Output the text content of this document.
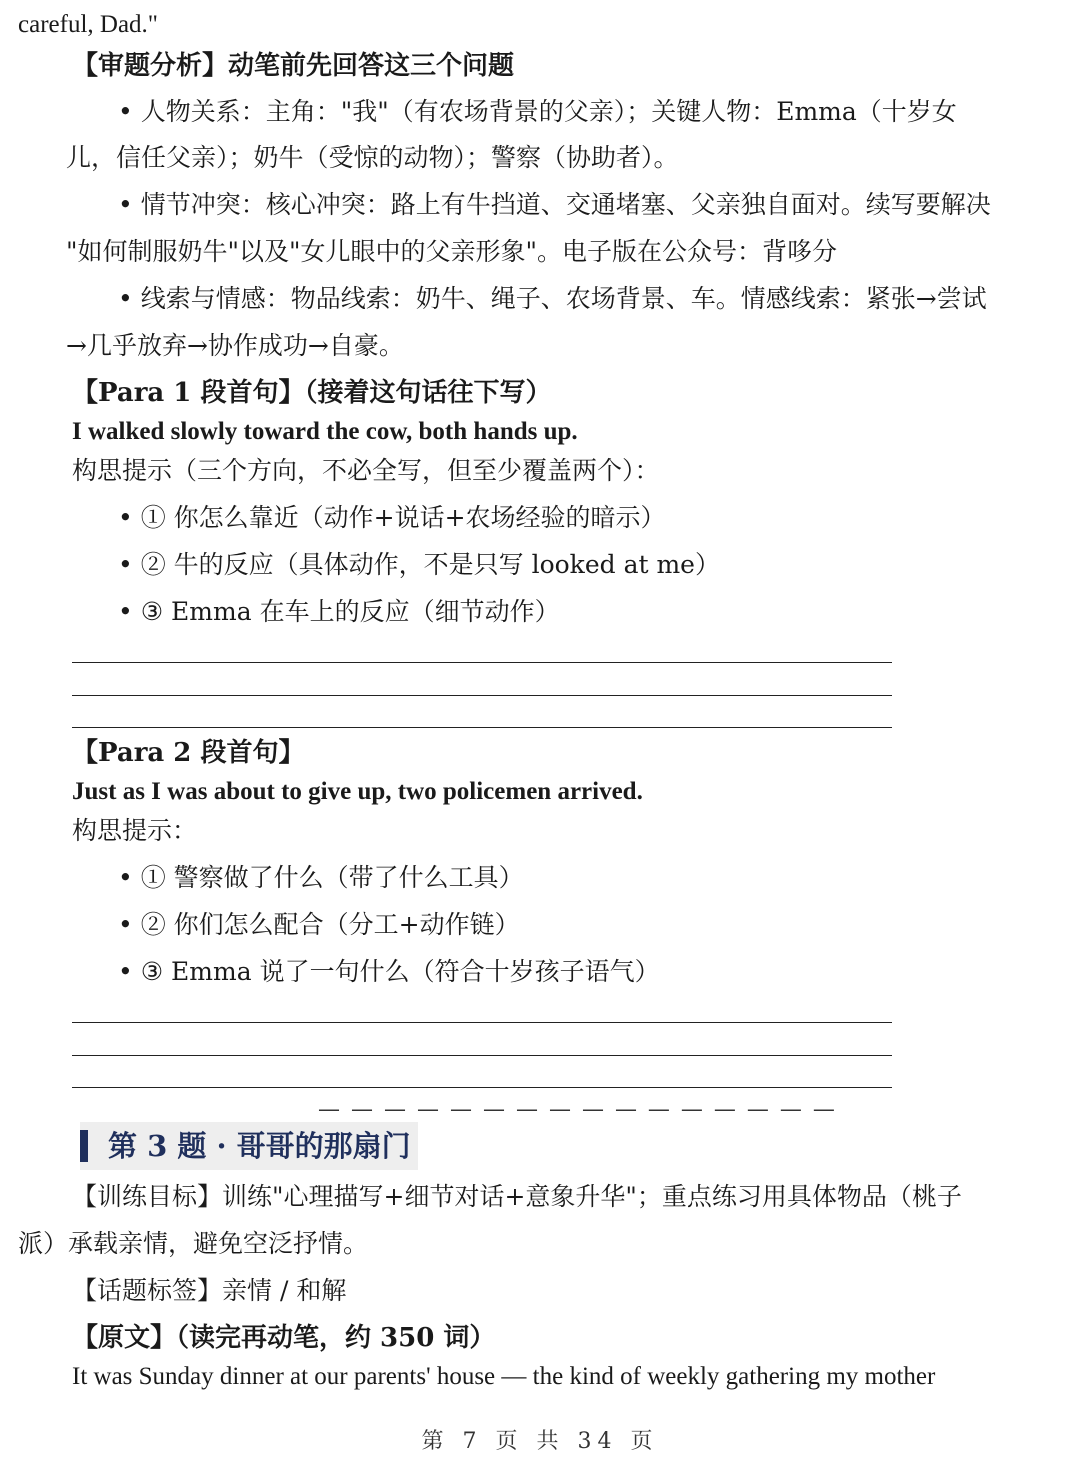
careful, Dad."
【审题分析】动笔前先回答这三个问题
• 人物关系：主角："我"（有农场背景的父亲）；关键人物：Emma（十岁女
儿，信任父亲）；奶牛（受惊的动物）；警察（协助者）。
• 情节冲突：核心冲突：路上有牛挡道、交通堵塞、父亲独自面对。续写要解决
"如何制服奶牛"以及"女儿眼中的父亲形象"。电子版在公众号：背哆分
• 线索与情感：物品线索：奶牛、绳子、农场背景、车。情感线索：紧张→尝试
→几乎放弃→协作成功→自豪。
【Para 1 段首句】（接着这句话往下写）
I walked slowly toward the cow, both hands up.
构思提示（三个方向，不必全写，但至少覆盖两个）：
• ① 你怎么靠近（动作+说话+农场经验的暗示）
• ② 牛的反应（具体动作，不是只写 looked at me）
• ③ Emma 在车上的反应（细节动作）
【Para 2 段首句】
Just as I was about to give up, two policemen arrived.
构思提示：
• ① 警察做了什么（带了什么工具）
• ② 你们怎么配合（分工+动作链）
• ③ Emma 说了一句什么（符合十岁孩子语气）
— — — — — — — — — — — — — — — —
第 3 题 · 哥哥的那扇门
【训练目标】训练"心理描写+细节对话+意象升华"；重点练习用具体物品（桃子
派）承载亲情，避免空泛抒情。
【话题标签】亲情 / 和解
【原文】（读完再动笔，约 350 词）
It was Sunday dinner at our parents' house — the kind of weekly gathering my mother
第 7 页 共 34 页
